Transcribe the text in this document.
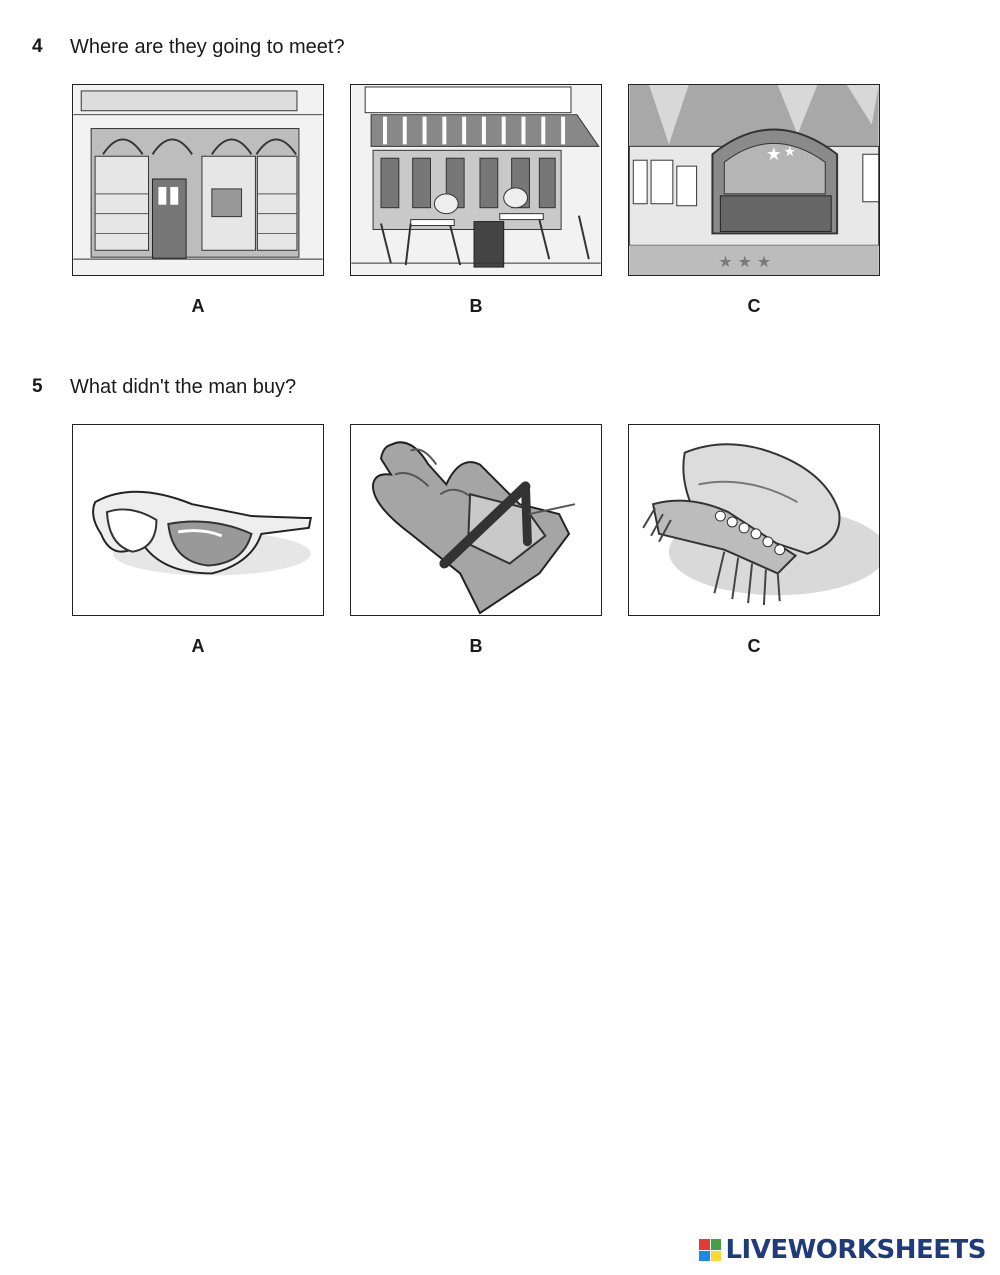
4	Where are they going to meet?
A	B
★ ★
★ ★ ★
C
5	What didn't the man buy?
A	B	C
LIVEWORKSHEETS
